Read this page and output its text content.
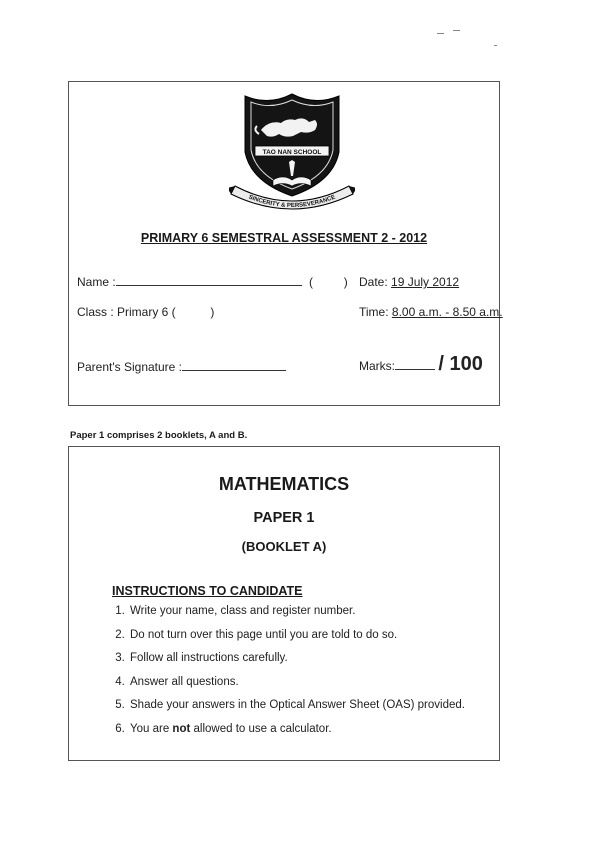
TAO NAN SCHOOL
SINCERITY & PERSEVERANCE
PRIMARY 6 SEMESTRAL ASSESSMENT 2 - 2012
Name :	(	) Date: 19 July 2012
Class : Primary 6 (	)	Time: 8.00 a.m. - 8.50 a.m.
Parent's Signature :	Marks: / 100
Paper 1 comprises 2 booklets, A and B.
MATHEMATICS
PAPER 1
(BOOKLET A)
INSTRUCTIONS TO CANDIDATE
1. Write your name, class and register number.
2. Do not turn over this page until you are told to do so.
3. Follow all instructions carefully.
4. Answer all questions.
5. Shade your answers in the Optical Answer Sheet (OAS) provided.
6. You are not allowed to use a calculator.
